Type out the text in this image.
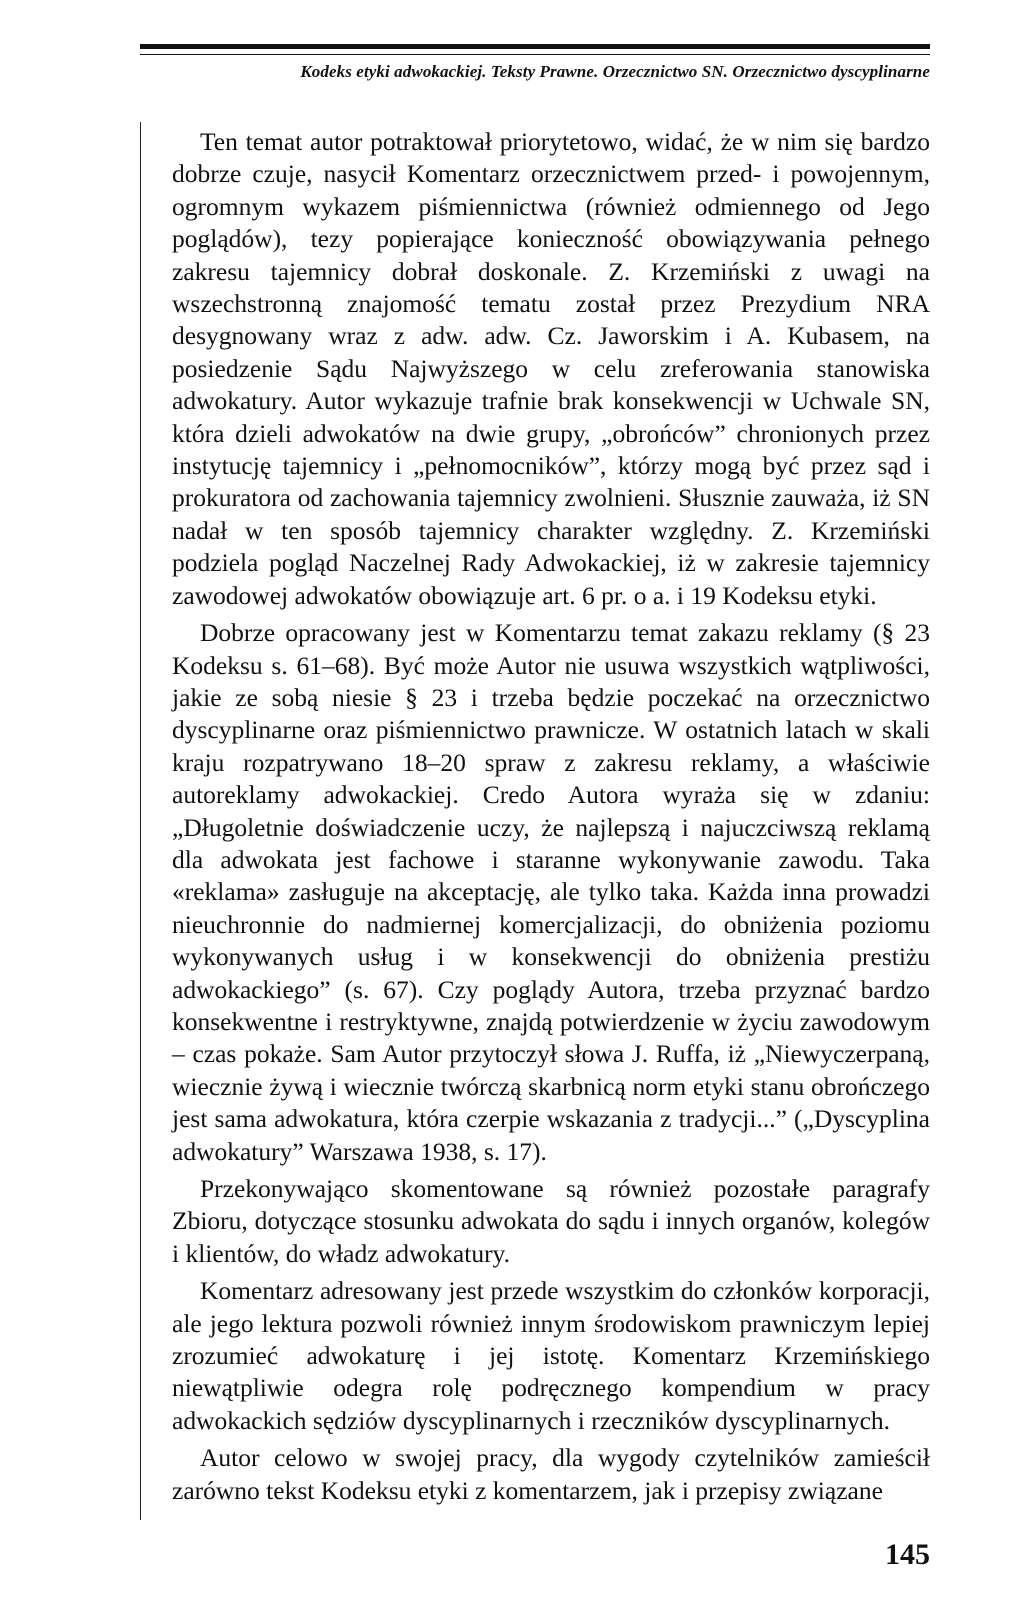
Kodeks etyki adwokackiej. Teksty Prawne. Orzecznictwo SN. Orzecznictwo dyscyplinarne

Ten temat autor potraktował priorytetowo, widać, że w nim się bardzo dobrze czuje, nasycił Komentarz orzecznictwem przed- i powojennym, ogromnym wykazem piśmiennictwa (również odmiennego od Jego poglądów), tezy popierające konieczność obowiązywania pełnego zakresu tajemnicy dobrał doskonale. Z. Krzemiński z uwagi na wszechstronną znajomość tematu został przez Prezydium NRA desygnowany wraz z adw. adw. Cz. Jaworskim i A. Kubasem, na posiedzenie Sądu Najwyższego w celu zreferowania stanowiska adwokatury. Autor wykazuje trafnie brak konsekwencji w Uchwale SN, która dzieli adwokatów na dwie grupy, „obrońców” chronionych przez instytucję tajemnicy i „pełnomocników”, którzy mogą być przez sąd i prokuratora od zachowania tajemnicy zwolnieni. Słusznie zauważa, iż SN nadał w ten sposób tajemnicy charakter względny. Z. Krzemiński podziela pogląd Naczelnej Rady Adwokackiej, iż w zakresie tajemnicy zawodowej adwokatów obowiązuje art. 6 pr. o a. i 19 Kodeksu etyki.

Dobrze opracowany jest w Komentarzu temat zakazu reklamy (§ 23 Kodeksu s. 61–68). Być może Autor nie usuwa wszystkich wątpliwości, jakie ze sobą niesie § 23 i trzeba będzie poczekać na orzecznictwo dyscyplinarne oraz piśmiennictwo prawnicze. W ostatnich latach w skali kraju rozpatrywano 18–20 spraw z zakresu reklamy, a właściwie autoreklamy adwokackiej. Credo Autora wyraża się w zdaniu: „Długoletnie doświadczenie uczy, że najlepszą i najuczciwszą reklamą dla adwokata jest fachowe i staranne wykonywanie zawodu. Taka «reklama» zasługuje na akceptację, ale tylko taka. Każda inna prowadzi nieuchronnie do nadmiernej komercjalizacji, do obniżenia poziomu wykonywanych usług i w konsekwencji do obniżenia prestiżu adwokackiego” (s. 67). Czy poglądy Autora, trzeba przyznać bardzo konsekwentne i restryktywne, znajdą potwierdzenie w życiu zawodowym – czas pokaże. Sam Autor przytoczył słowa J. Ruffa, iż „Niewyczerpaną, wiecznie żywą i wiecznie twórczą skarbnicą norm etyki stanu obrończego jest sama adwokatura, która czerpie wskazania z tradycji...” („Dyscyplina adwokatury” Warszawa 1938, s. 17).

Przekonywająco skomentowane są również pozostałe paragrafy Zbioru, dotyczące stosunku adwokata do sądu i innych organów, kolegów i klientów, do władz adwokatury.

Komentarz adresowany jest przede wszystkim do członków korporacji, ale jego lektura pozwoli również innym środowiskom prawniczym lepiej zrozumieć adwokaturę i jej istotę. Komentarz Krzemińskiego niewątpliwie odegra rolę podręcznego kompendium w pracy adwokackich sędziów dyscyplinarnych i rzeczników dyscyplinarnych.

Autor celowo w swojej pracy, dla wygody czytelników zamieścił zarówno tekst Kodeksu etyki z komentarzem, jak i przepisy związane

145
